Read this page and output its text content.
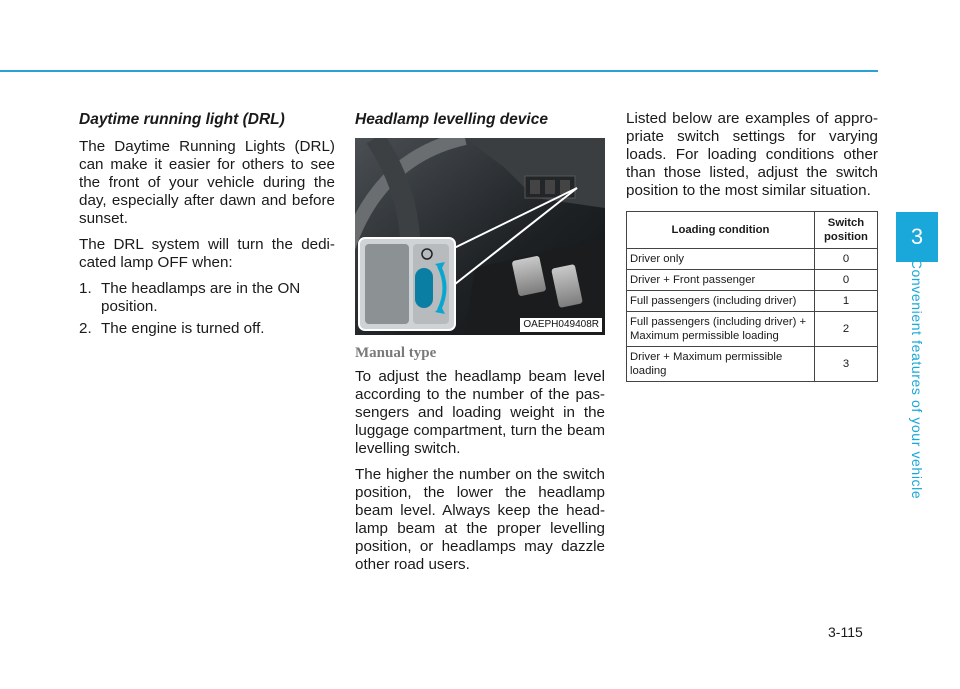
3
Convenient features of your vehicle
Daytime running light (DRL)

The Daytime Running Lights (DRL) can make it easier for others to see the front of your vehicle during the day, especially after dawn and before sunset.

The DRL system will turn the dedi-cated lamp OFF when:

1. The headlamps are in the ON position.
2. The engine is turned off.
Headlamp levelling device
OAEPH049408R
Manual type

To adjust the headlamp beam level according to the number of the pas-sengers and loading weight in the luggage compartment, turn the beam levelling switch.

The higher the number on the switch position, the lower the headlamp beam level. Always keep the head-lamp beam at the proper levelling position, or headlamps may dazzle other road users.

Listed below are examples of appro-priate switch settings for varying loads. For loading conditions other than those listed, adjust the switch position to the most similar situation.

Loading condition	Switch position
Driver only	0
Driver + Front passenger	0
Full passengers (including driver)	1
Full passengers (including driver) + Maximum permissible loading	2
Driver + Maximum permissible loading	3
3-115
